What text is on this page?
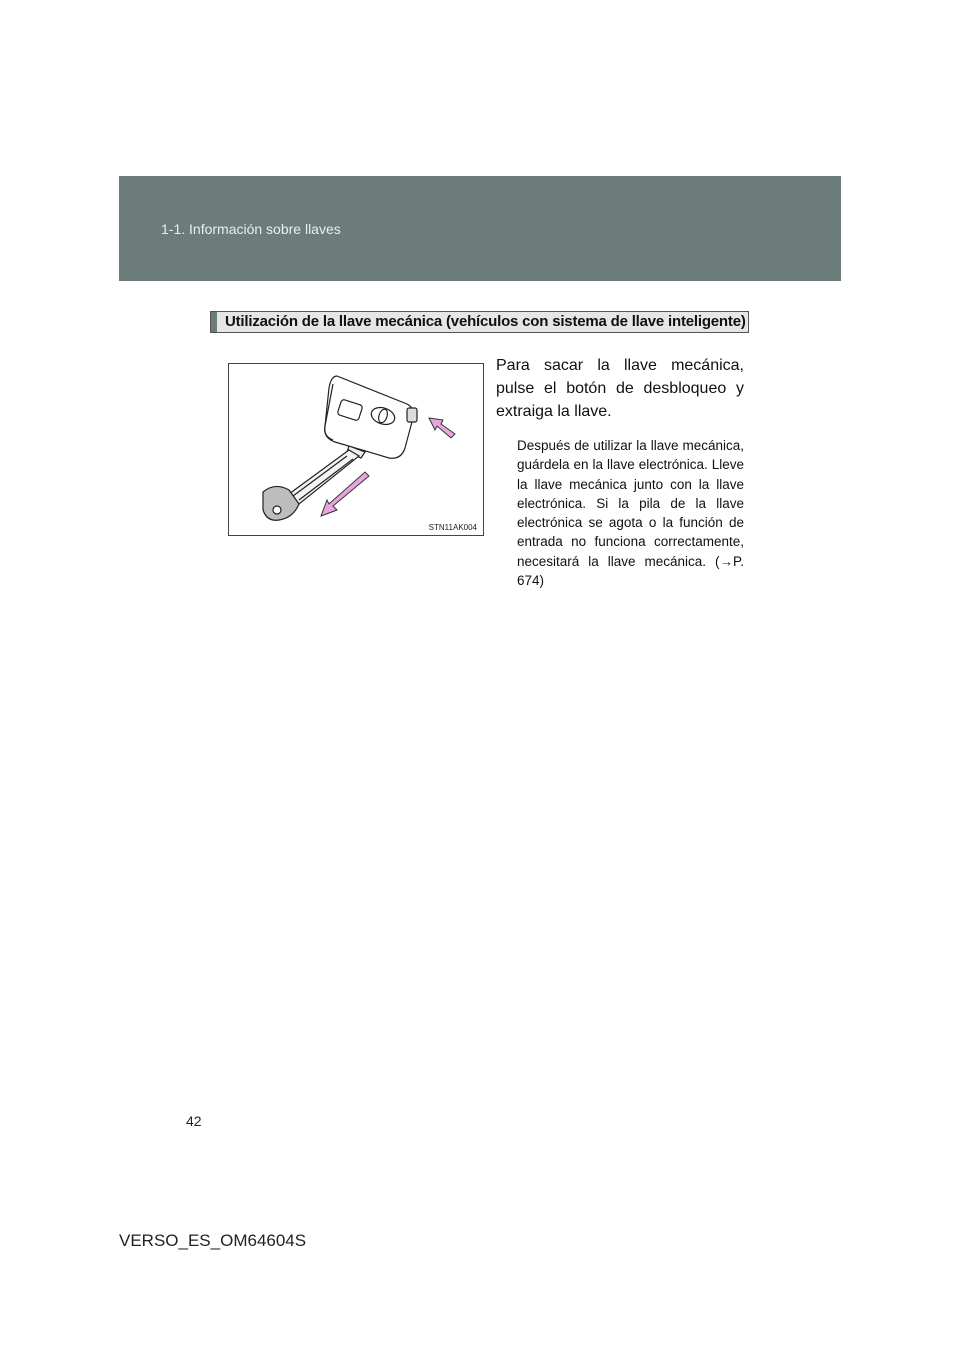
1-1. Información sobre llaves
Utilización de la llave mecánica (vehículos con sistema de llave inteligente)
STN11AK004
Para sacar la llave mecánica, pulse el botón de desbloqueo y extraiga la llave.
Después de utilizar la llave mecánica, guárdela en la llave electrónica. Lleve la llave mecánica junto con la llave electrónica. Si la pila de la llave electrónica se agota o la función de entrada no funciona correctamente, necesitará la llave mecánica. (→P. 674)
42
VERSO_ES_OM64604S
